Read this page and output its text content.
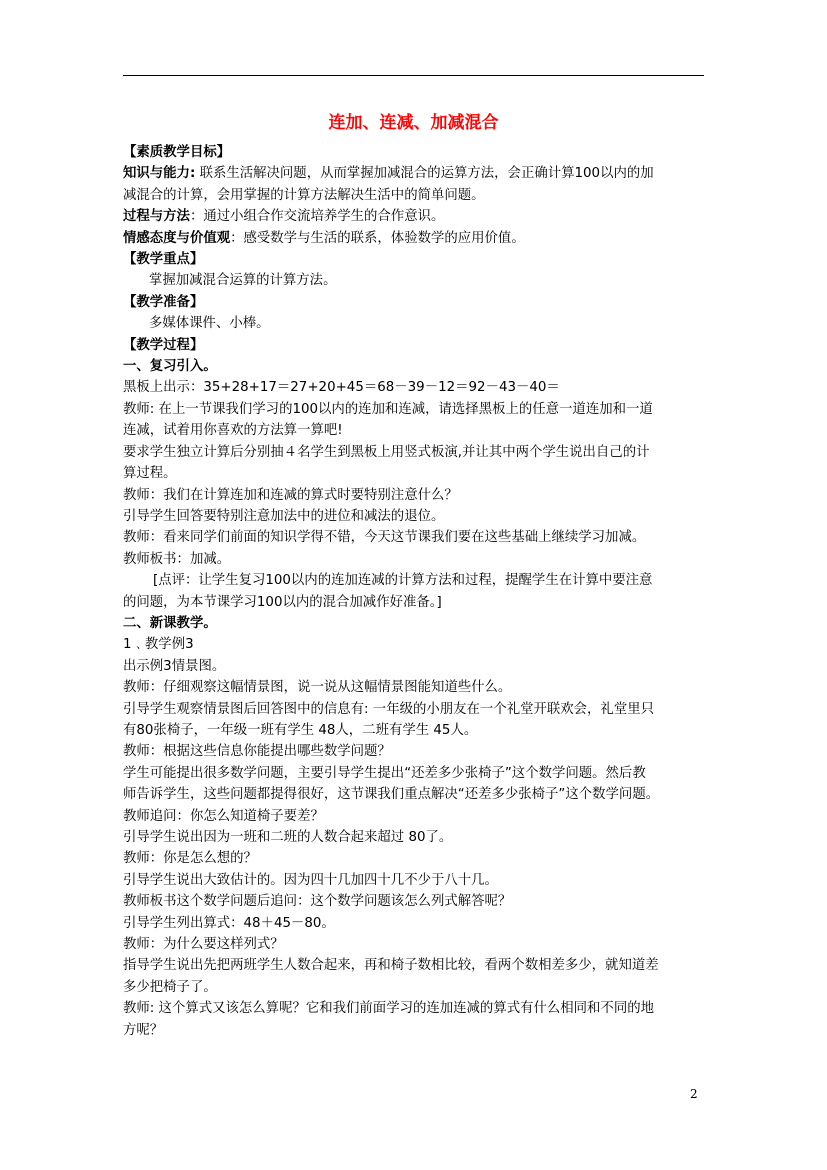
连加、连减、加减混合

【素质教学目标】

知识与能力: 联系生活解决问题，从而掌握加减混合的运算方法，会正确计算100以内的加

减混合的计算，会用掌握的计算方法解决生活中的简单问题。

过程与方法：通过小组合作交流培养学生的合作意识。

情感态度与价值观：感受数学与生活的联系，体验数学的应用价值。

【教学重点】

掌握加减混合运算的计算方法。

【教学准备】

多媒体课件、小棒。

【教学过程】

一、复习引入。

黑板上出示：35+28+17＝27+20+45＝68－39－12＝92－43－40＝

教师: 在上一节课我们学习的100以内的连加和连减，请选择黑板上的任意一道连加和一道

连减，试着用你喜欢的方法算一算吧!

要求学生独立计算后分别抽４名学生到黑板上用竖式板演,并让其中两个学生说出自己的计

算过程。

教师：我们在计算连加和连减的算式时要特别注意什么？

引导学生回答要特别注意加法中的进位和减法的退位。

教师：看来同学们前面的知识学得不错，今天这节课我们要在这些基础上继续学习加减。

教师板书：加减。

[点评：让学生复习100以内的连加连减的计算方法和过程，提醒学生在计算中要注意

的问题，为本节课学习100以内的混合加减作好准备。]

二、新课教学。

1﹑教学例3

出示例3情景图。

教师：仔细观察这幅情景图，说一说从这幅情景图能知道些什么。

引导学生观察情景图后回答图中的信息有: 一年级的小朋友在一个礼堂开联欢会，礼堂里只

有80张椅子，一年级一班有学生 48人，二班有学生 45人。

教师：根据这些信息你能提出哪些数学问题？

学生可能提出很多数学问题，主要引导学生提出“还差多少张椅子”这个数学问题。然后教

师告诉学生，这些问题都提得很好，这节课我们重点解决“还差多少张椅子”这个数学问题。

教师追问：你怎么知道椅子要差？

引导学生说出因为一班和二班的人数合起来超过 80了。

教师：你是怎么想的？

引导学生说出大致估计的。因为四十几加四十几不少于八十几。

教师板书这个数学问题后追问：这个数学问题该怎么列式解答呢？

引导学生列出算式：48＋45－80。

教师：为什么要这样列式？

指导学生说出先把两班学生人数合起来，再和椅子数相比较，看两个数相差多少，就知道差

多少把椅子了。

教师: 这个算式又该怎么算呢？它和我们前面学习的连加连减的算式有什么相同和不同的地

方呢？

2
